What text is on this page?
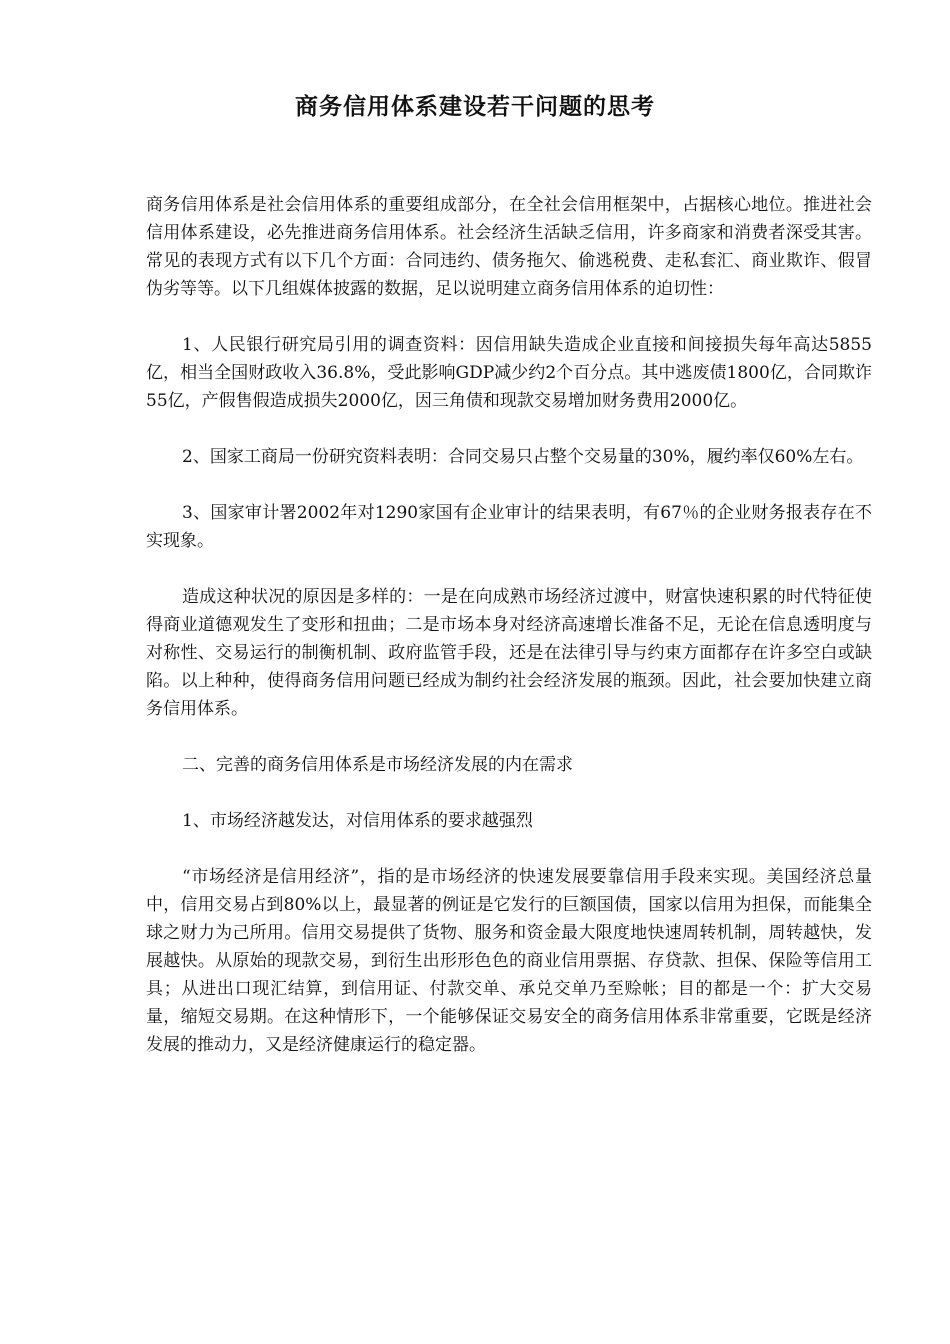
商务信用体系建设若干问题的思考

商务信用体系是社会信用体系的重要组成部分，在全社会信用框架中，占据核心地位。推进社会信用体系建设，必先推进商务信用体系。社会经济生活缺乏信用，许多商家和消费者深受其害。常见的表现方式有以下几个方面：合同违约、债务拖欠、偷逃税费、走私套汇、商业欺诈、假冒伪劣等等。以下几组媒体披露的数据，足以说明建立商务信用体系的迫切性：

1、人民银行研究局引用的调查资料：因信用缺失造成企业直接和间接损失每年高达5855亿，相当全国财政收入36.8%，受此影响GDP减少约2个百分点。其中逃废债1800亿，合同欺诈55亿，产假售假造成损失2000亿，因三角债和现款交易增加财务费用2000亿。

2、国家工商局一份研究资料表明：合同交易只占整个交易量的30%，履约率仅60%左右。

3、国家审计署2002年对1290家国有企业审计的结果表明，有67％的企业财务报表存在不实现象。

造成这种状况的原因是多样的：一是在向成熟市场经济过渡中，财富快速积累的时代特征使得商业道德观发生了变形和扭曲；二是市场本身对经济高速增长准备不足，无论在信息透明度与对称性、交易运行的制衡机制、政府监管手段，还是在法律引导与约束方面都存在许多空白或缺陷。以上种种，使得商务信用问题已经成为制约社会经济发展的瓶颈。因此，社会要加快建立商务信用体系。

二、完善的商务信用体系是市场经济发展的内在需求

1、市场经济越发达，对信用体系的要求越强烈

“市场经济是信用经济”，指的是市场经济的快速发展要靠信用手段来实现。美国经济总量中，信用交易占到80%以上，最显著的例证是它发行的巨额国债，国家以信用为担保，而能集全球之财力为己所用。信用交易提供了货物、服务和资金最大限度地快速周转机制，周转越快，发展越快。从原始的现款交易，到衍生出形形色色的商业信用票据、存贷款、担保、保险等信用工具；从进出口现汇结算，到信用证、付款交单、承兑交单乃至赊帐；目的都是一个：扩大交易量，缩短交易期。在这种情形下，一个能够保证交易安全的商务信用体系非常重要，它既是经济发展的推动力，又是经济健康运行的稳定器。
